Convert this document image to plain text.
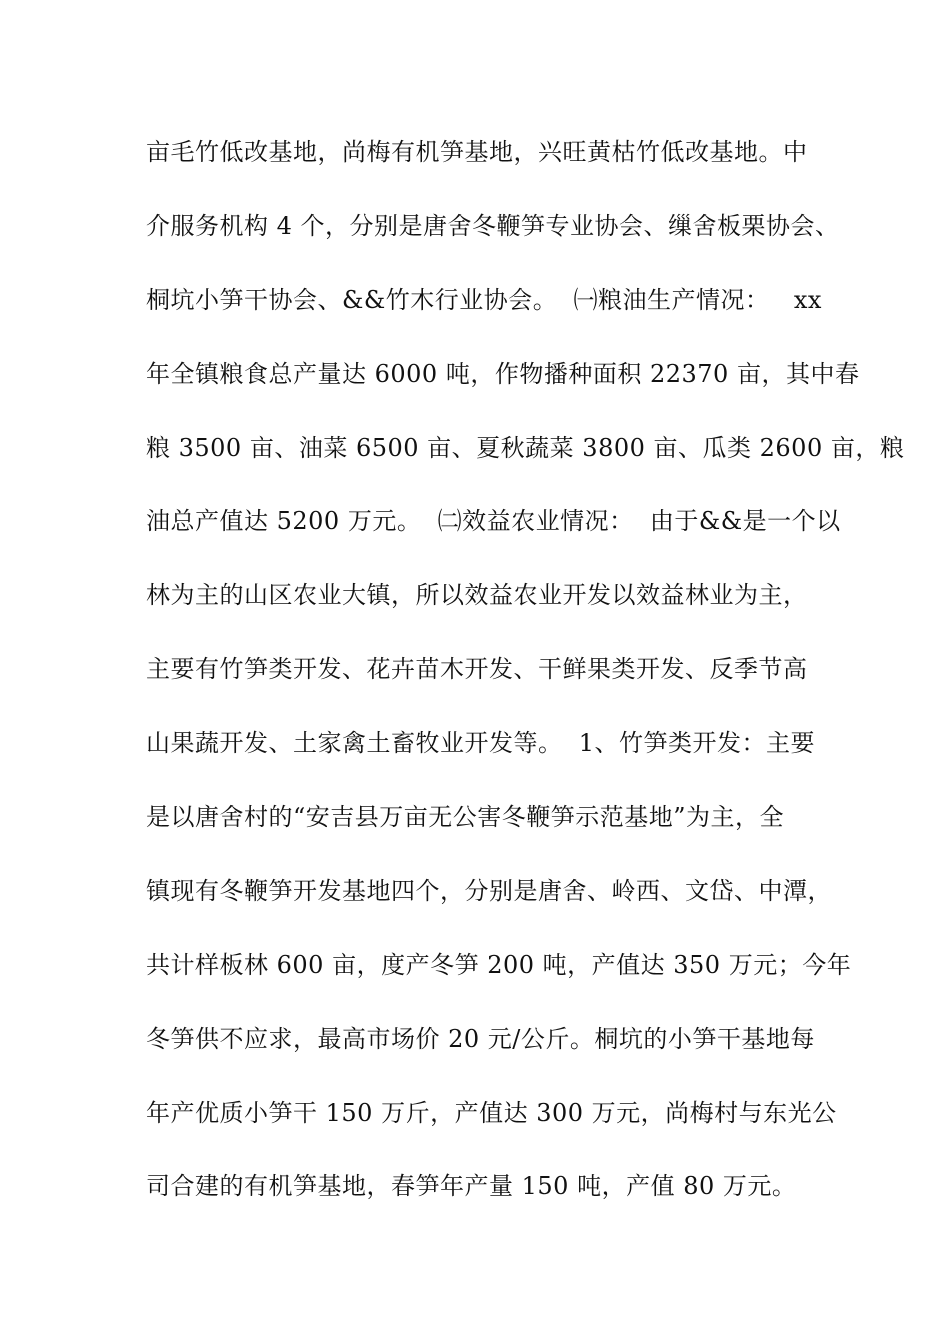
亩毛竹低改基地，尚梅有机笋基地，兴旺黄枯竹低改基地。中
介服务机构 4 个，分别是唐舍冬鞭笋专业协会、缫舍板栗协会、
桐坑小笋干协会、&&竹木行业协会。  ㈠粮油生产情况：   xx
年全镇粮食总产量达 6000 吨，作物播种面积 22370 亩，其中春
粮 3500 亩、油菜 6500 亩、夏秋蔬菜 3800 亩、瓜类 2600 亩，粮
油总产值达 5200 万元。  ㈡效益农业情况：  由于&&是一个以
林为主的山区农业大镇，所以效益农业开发以效益林业为主，
主要有竹笋类开发、花卉苗木开发、干鲜果类开发、反季节高
山果蔬开发、土家禽土畜牧业开发等。  1、竹笋类开发：主要
是以唐舍村的“安吉县万亩无公害冬鞭笋示范基地”为主，全
镇现有冬鞭笋开发基地四个，分别是唐舍、岭西、文岱、中潭，
共计样板林 600 亩，度产冬笋 200 吨，产值达 350 万元；今年
冬笋供不应求，最高市场价 20 元/公斤。桐坑的小笋干基地每
年产优质小笋干 150 万斤，产值达 300 万元，尚梅村与东光公
司合建的有机笋基地，春笋年产量 150 吨，产值 80 万元。
